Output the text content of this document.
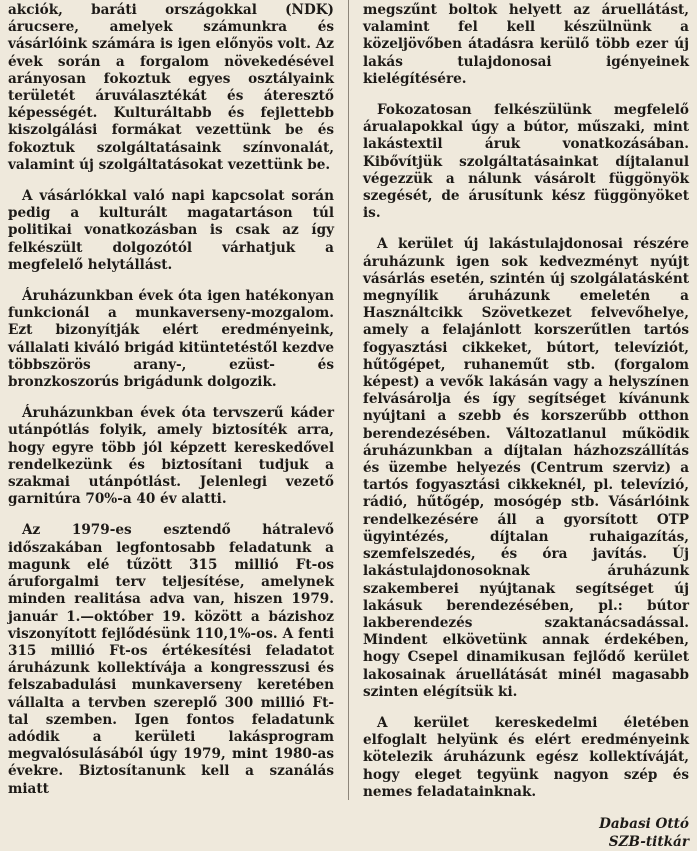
akciók, baráti országokkal (NDK) árucsere, amelyek számunkra és vásárlóink számára is igen előnyös volt. Az évek során a forgalom növekedésével arányosan fokoztuk egyes osztályaink területét áruválasztékát és áteresztő képességét. Kulturáltabb és fejlettebb kiszolgálási formákat vezettünk be és fokoztuk szolgáltatásaink színvonalát, valamint új szolgáltatásokat vezettünk be.

A vásárlókkal való napi kapcsolat során pedig a kulturált magatartáson túl politikai vonatkozásban is csak az így felkészült dolgozótól várhatjuk a megfelelő helytállást.

Áruházunkban évek óta igen hatékonyan funkcionál a munkaverseny-mozgalom. Ezt bizonyítják elért eredményeink, vállalati kiváló brigád kitüntetéstől kezdve többszörös arany-, ezüst- és bronzkoszorús brigádunk dolgozik.

Áruházunkban évek óta tervszerű káder utánpótlás folyik, amely biztosíték arra, hogy egyre több jól képzett kereskedővel rendelkezünk és biztosítani tudjuk a szakmai utánpótlást. Jelenlegi vezető garnitúra 70%-a 40 év alatti.

Az 1979-es esztendő hátralevő időszakában legfontosabb feladatunk a magunk elé tűzött 315 millió Ft-os áruforgalmi terv teljesítése, amelynek minden realitása adva van, hiszen 1979. január 1.—október 19. között a bázishoz viszonyított fejlődésünk 110,1%-os. A fenti 315 millió Ft-os értékesítési feladatot áruházunk kollektívája a kongresszusi és felszabadulási munkaverseny keretében vállalta a tervben szereplő 300 millió Ft-tal szemben. Igen fontos feladatunk adódik a kerületi lakásprogram megvalósulásából úgy 1979, mint 1980-as évekre. Biztosítanunk kell a szanálás miatt

megszűnt boltok helyett az áruellátást, valamint fel kell készülnünk a közeljövőben átadásra kerülő több ezer új lakás tulajdonosai igényeinek kielégítésére.

Fokozatosan felkészülünk megfelelő árualapokkal úgy a bútor, műszaki, mint lakástextil áruk vonatkozásában. Kibővítjük szolgáltatásainkat díjtalanul végezzük a nálunk vásárolt függönyök szegését, de árusítunk kész függönyöket is.

A kerület új lakástulajdonosai részére áruházunk igen sok kedvezményt nyújt vásárlás esetén, szintén új szolgálatásként megnyílik áruházunk emeletén a Használtcikk Szövetkezet felvevőhelye, amely a felajánlott korszerűtlen tartós fogyasztási cikkeket, bútort, televíziót, hűtőgépet, ruhaneműt stb. (forgalom képest) a vevők lakásán vagy a helyszínen felvásárolja és így segítséget kívánunk nyújtani a szebb és korszerűbb otthon berendezésében. Változatlanul működik áruházunkban a díjtalan házhozszállítás és üzembe helyezés (Centrum szerviz) a tartós fogyasztási cikkeknél, pl. televízió, rádió, hűtőgép, mosógép stb. Vásárlóink rendelkezésére áll a gyorsított OTP ügyintézés, díjtalan ruhaigazítás, szemfelszedés, és óra javítás. Új lakástulajdonosoknak áruházunk szakemberei nyújtanak segítséget új lakásuk berendezésében, pl.: bútor lakberendezés szaktanácsadással. Mindent elkövetünk annak érdekében, hogy Csepel dinamikusan fejlődő kerület lakosainak áruellátását minél magasabb szinten elégítsük ki.

A kerület kereskedelmi életében elfoglalt helyünk és elért eredményeink kötelezik áruházunk egész kollektíváját, hogy eleget tegyünk nagyon szép és nemes feladatainknak.

Dabasi Ottó
SZB-titkár
